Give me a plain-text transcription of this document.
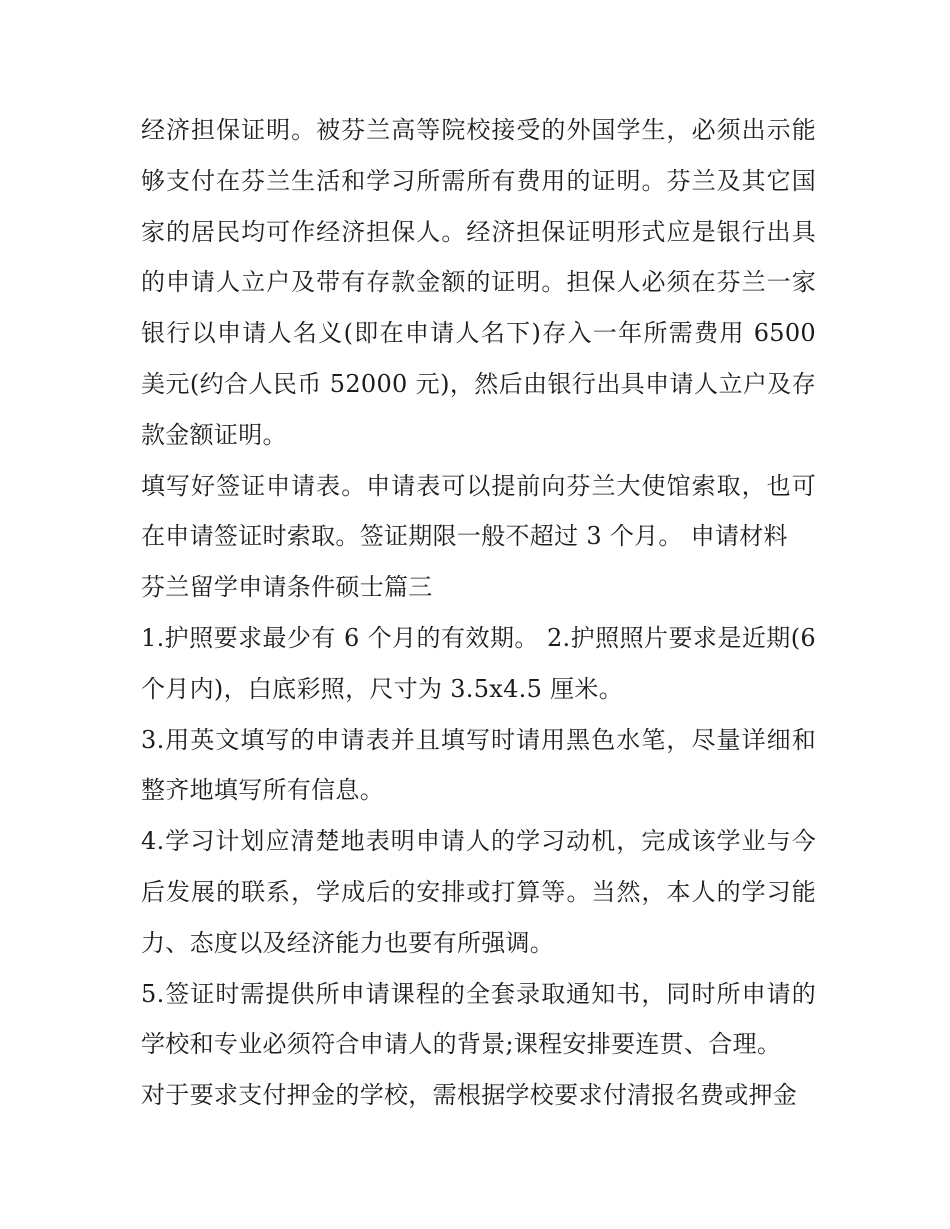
经济担保证明。被芬兰高等院校接受的外国学生，必须出示能够支付在芬兰生活和学习所需所有费用的证明。芬兰及其它国家的居民均可作经济担保人。经济担保证明形式应是银行出具的申请人立户及带有存款金额的证明。担保人必须在芬兰一家银行以申请人名义(即在申请人名下)存入一年所需费用 6500 美元(约合人民币 52000 元)，然后由银行出具申请人立户及存款金额证明。

填写好签证申请表。申请表可以提前向芬兰大使馆索取，也可在申请签证时索取。签证期限一般不超过 3 个月。 申请材料

芬兰留学申请条件硕士篇三

1.护照要求最少有 6 个月的有效期。 2.护照照片要求是近期(6 个月内)，白底彩照，尺寸为 3.5x4.5 厘米。

3.用英文填写的申请表并且填写时请用黑色水笔，尽量详细和整齐地填写所有信息。

4.学习计划应清楚地表明申请人的学习动机，完成该学业与今后发展的联系，学成后的安排或打算等。当然，本人的学习能力、态度以及经济能力也要有所强调。

5.签证时需提供所申请课程的全套录取通知书，同时所申请的学校和专业必须符合申请人的背景;课程安排要连贯、合理。

对于要求支付押金的学校，需根据学校要求付清报名费或押金
